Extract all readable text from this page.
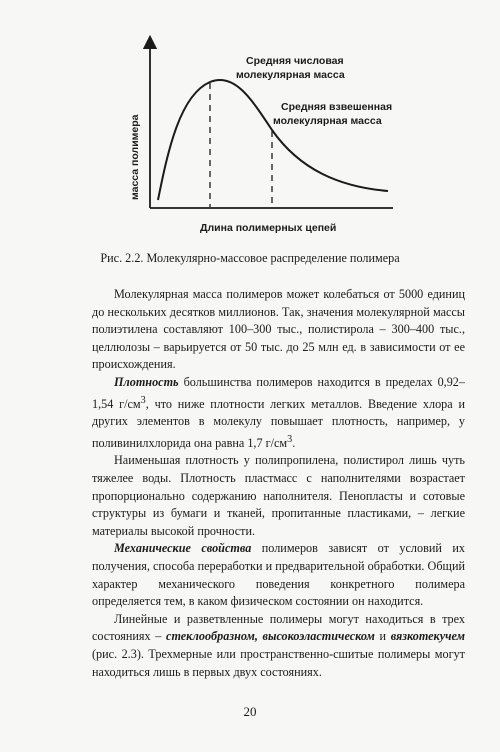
масса полимера
Длина полимерных цепей
Средняя числовая
молекулярная масса
Средняя взвешенная
молекулярная масса
Рис. 2.2. Молекулярно-массовое распределение полимера

Молекулярная масса полимеров может колебаться от 5000 единиц до нескольких десятков миллионов. Так, значения молекулярной массы полиэтилена составляют 100–300 тыс., полистирола – 300–400 тыс., целлюлозы – варьируется от 50 тыс. до 25 млн ед. в зависимости от ее происхождения.

Плотность большинства полимеров находится в пределах 0,92–1,54 $г/см^3$, что ниже плотности легких металлов. Введение хлора и других элементов в молекулу повышает плотность, например, у поливинилхлорида она равна 1,7 $г/см^3$.

Наименьшая плотность у полипропилена, полистирол лишь чуть тяжелее воды. Плотность пластмасс с наполнителями возрастает пропорционально содержанию наполнителя. Пенопласты и сотовые структуры из бумаги и тканей, пропитанные пластиками, – легкие материалы высокой прочности.

Механические свойства полимеров зависят от условий их получения, способа переработки и предварительной обработки. Общий характер механического поведения конкретного полимера определяется тем, в каком физическом состоянии он находится.

Линейные и разветвленные полимеры могут находиться в трех состояниях – стеклообразном, высокоэластическом и вязкотекучем (рис. 2.3). Трехмерные или пространственно-сшитые полимеры могут находиться лишь в первых двух состояниях.

20
